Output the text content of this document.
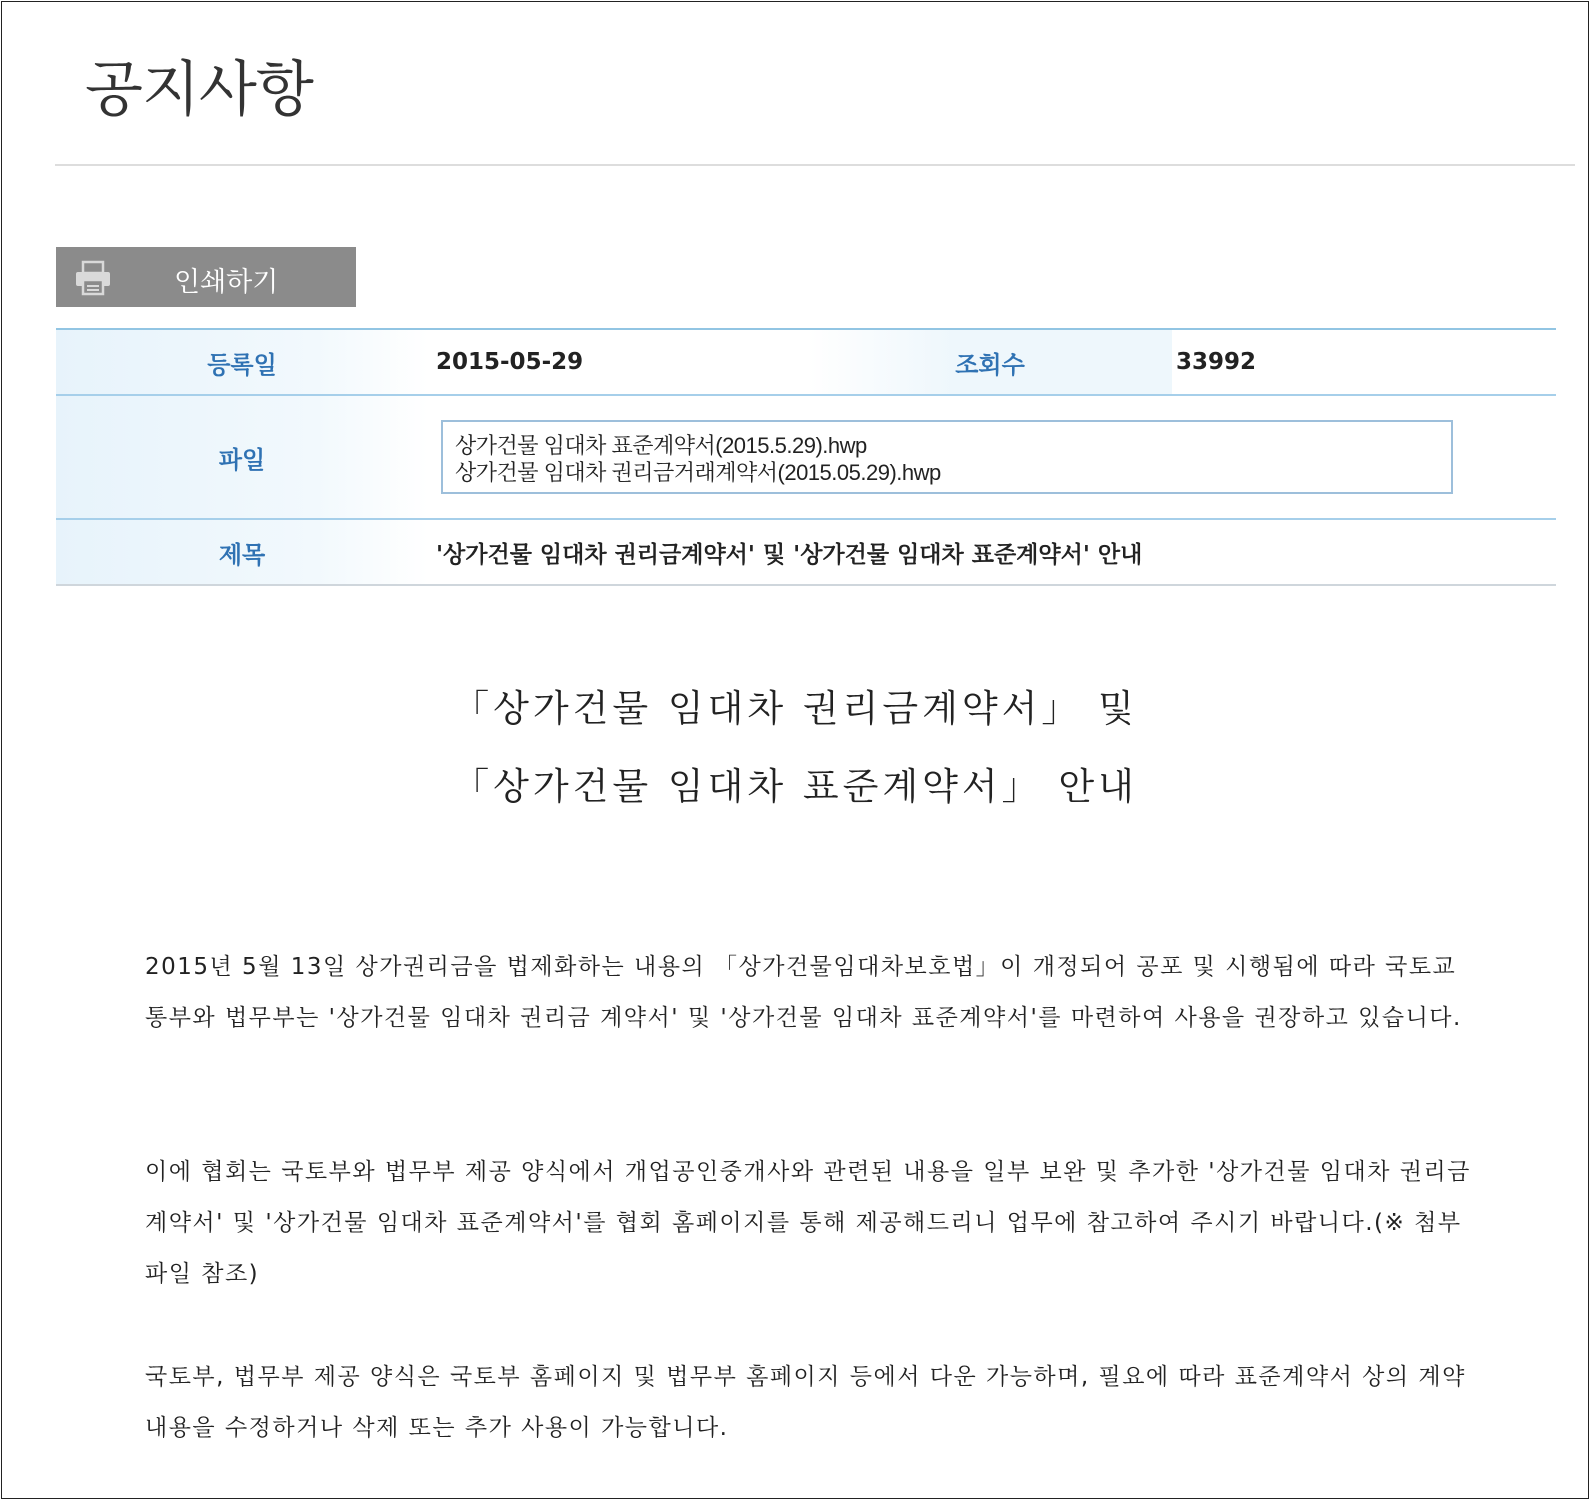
공지사항
인쇄하기
등록일	2015-05-29	조회수	33992
파일	상가건물 임대차 표준계약서(2015.5.29).hwp
상가건물 임대차 권리금거래계약서(2015.05.29).hwp
제목	'상가건물 임대차 권리금계약서' 및 '상가건물 임대차 표준계약서' 안내
「상가건물 임대차 권리금계약서」 및
「상가건물 임대차 표준계약서」 안내
2015년 5월 13일 상가권리금을 법제화하는 내용의 「상가건물임대차보호법」이 개정되어 공포 및 시행됨에 따라 국토교통부와 법무부는 '상가건물 임대차 권리금 계약서' 및 '상가건물 임대차 표준계약서'를 마련하여 사용을 권장하고 있습니다.
이에 협회는 국토부와 법무부 제공 양식에서 개업공인중개사와 관련된 내용을 일부 보완 및 추가한 '상가건물 임대차 권리금계약서' 및 '상가건물 임대차 표준계약서'를 협회 홈페이지를 통해 제공해드리니 업무에 참고하여 주시기 바랍니다.(※ 첨부파일 참조)
국토부, 법무부 제공 양식은 국토부 홈페이지 및 법무부 홈페이지 등에서 다운 가능하며, 필요에 따라 표준계약서 상의 계약 내용을 수정하거나 삭제 또는 추가 사용이 가능합니다.
